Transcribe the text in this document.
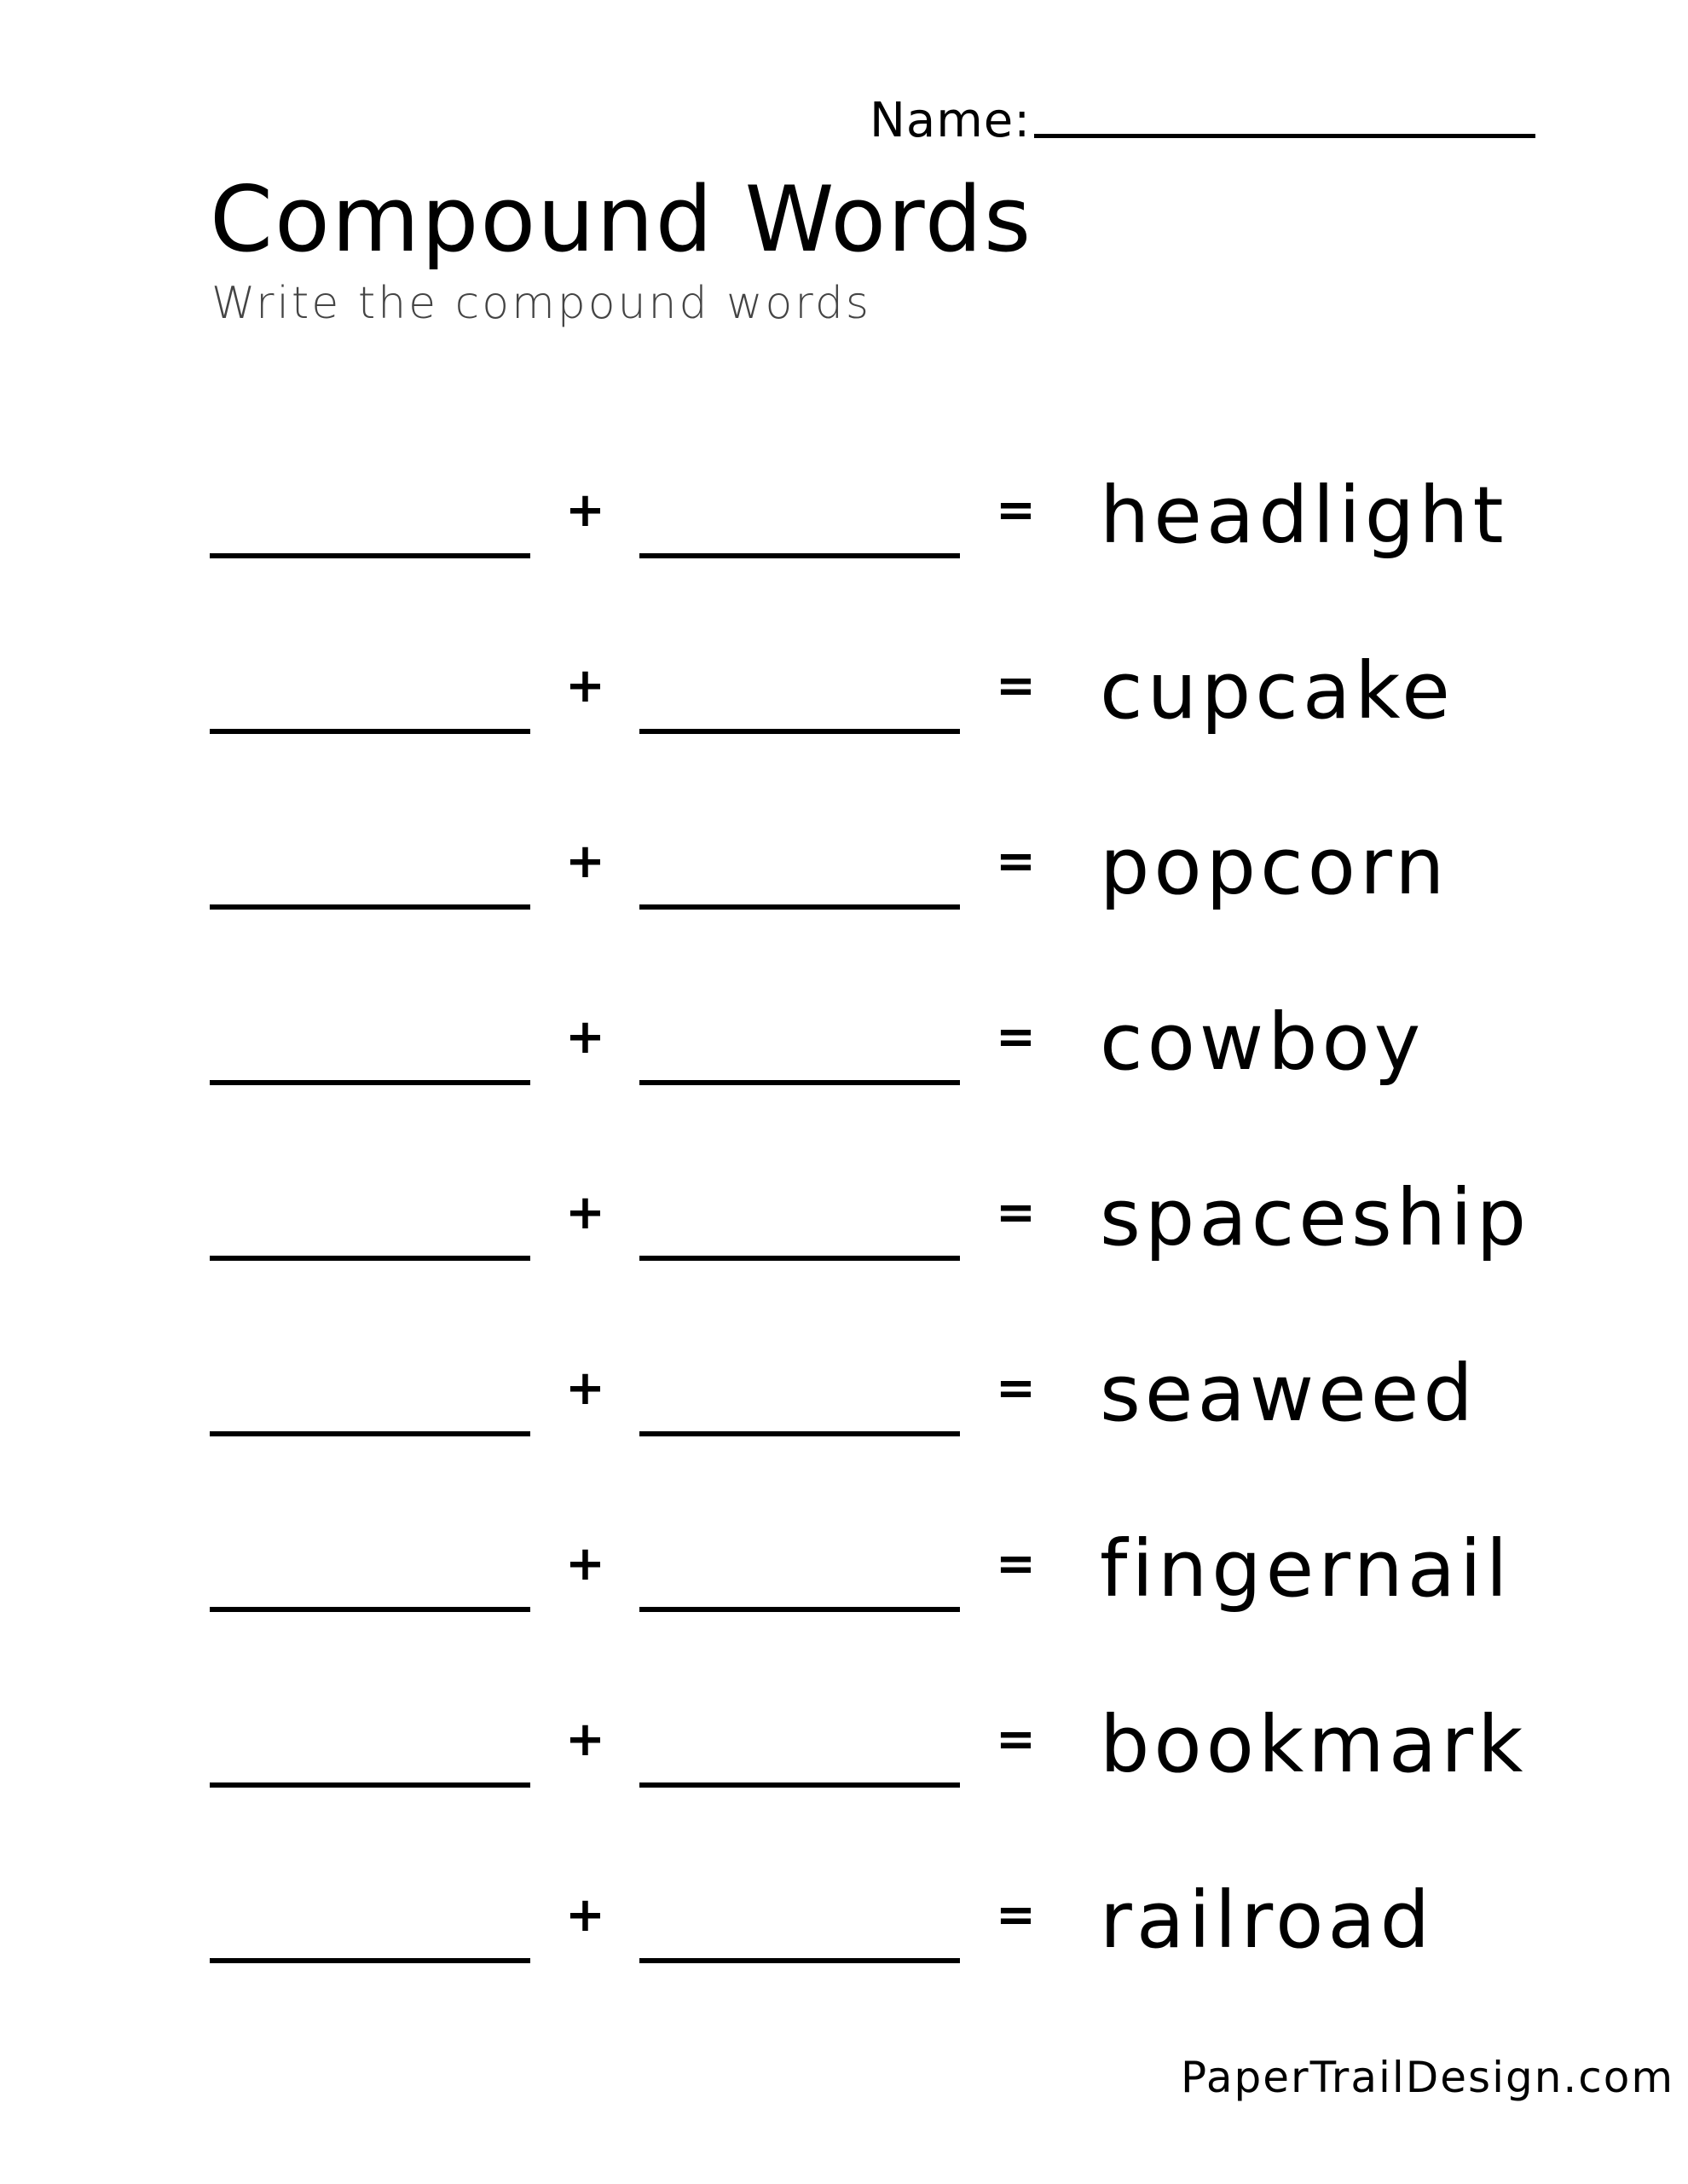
Name:
Compound Words

Write the compound words

+	= headlight
+	= cupcake
+	= popcorn
+	= cowboy
+	= spaceship
+	= seaweed
+	= fingernail
+	= bookmark
+	= railroad
PaperTrailDesign.com
